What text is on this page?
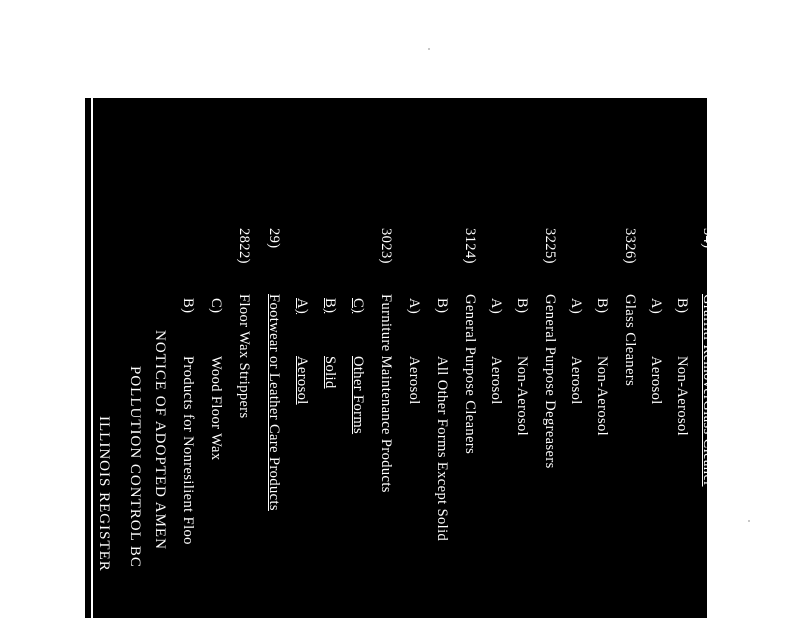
ILLINOIS REGISTER POLLUTION CONTROL BC NOTICE OF ADOPTED AMEN
B)
Products for Nonresilient Floo
C)
Wood Floor Wax
2822)
Floor Wax Strippers
29)
Footwear or Leather Care Products A)
Aerosol
B)
Solid
C)
Other Forms
3023)
Furniture Maintenance Products A)
Aerosol
B)
All Other Forms Except Solid
3124)
General Purpose Cleaners A)
Aerosol
B)
Non-Aerosol
3225)
General Purpose Degreasers A)
Aerosol
B)
Non-Aerosol
3326)
Glass Cleaners A)
Aerosol
B)
Non-Aerosol
34)
Graffiti RemoverGlass Cleaner
